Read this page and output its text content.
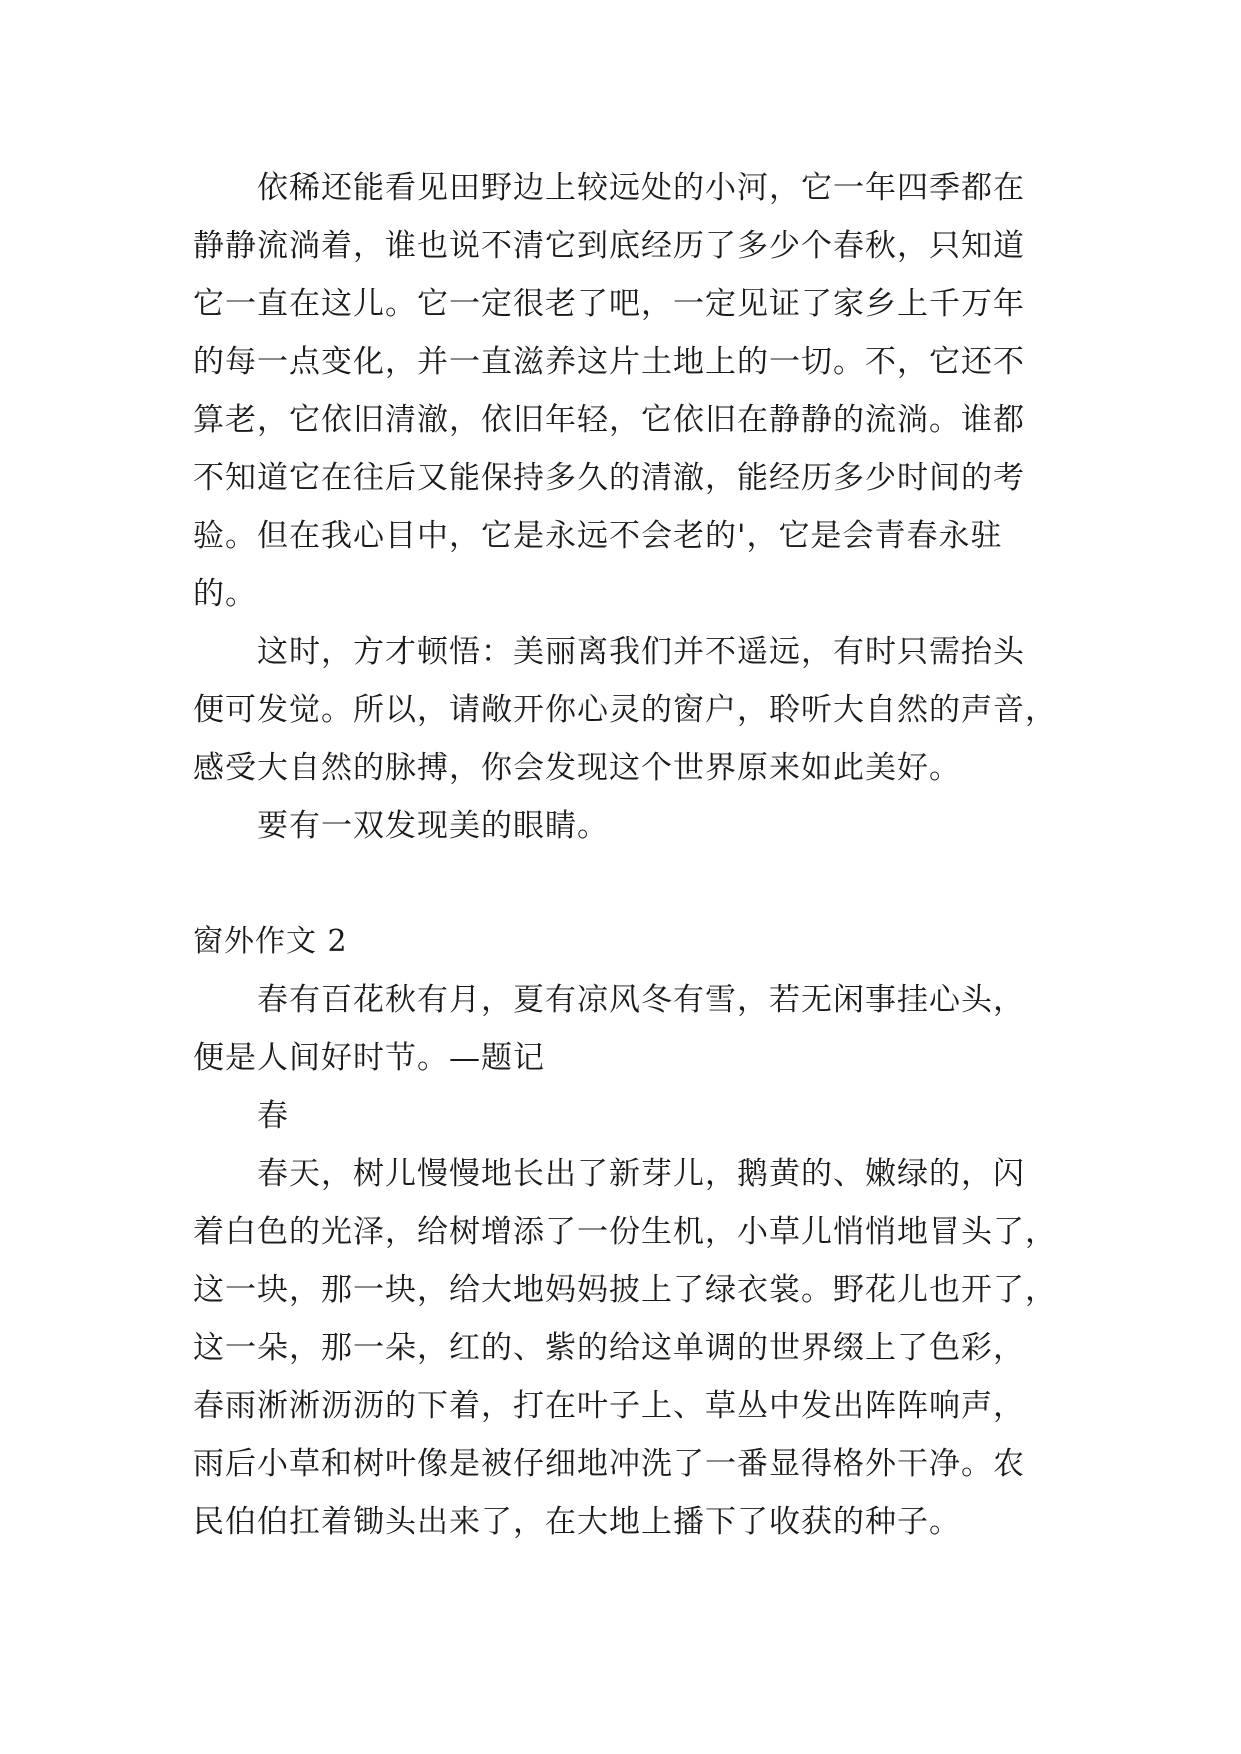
依稀还能看见田野边上较远处的小河，它一年四季都在
静静流淌着，谁也说不清它到底经历了多少个春秋，只知道
它一直在这儿。它一定很老了吧，一定见证了家乡上千万年
的每一点变化，并一直滋养这片土地上的一切。不，它还不
算老，它依旧清澈，依旧年轻，它依旧在静静的流淌。谁都
不知道它在往后又能保持多久的清澈，能经历多少时间的考
验。但在我心目中，它是永远不会老的'，它是会青春永驻
的。
这时，方才顿悟：美丽离我们并不遥远，有时只需抬头
便可发觉。所以，请敞开你心灵的窗户，聆听大自然的声音，
感受大自然的脉搏，你会发现这个世界原来如此美好。
要有一双发现美的眼睛。
窗外作文 2
春有百花秋有月，夏有凉风冬有雪，若无闲事挂心头，
便是人间好时节。—题记
春
春天，树儿慢慢地长出了新芽儿，鹅黄的、嫩绿的，闪
着白色的光泽，给树增添了一份生机，小草儿悄悄地冒头了，
这一块，那一块，给大地妈妈披上了绿衣裳。野花儿也开了，
这一朵，那一朵，红的、紫的给这单调的世界缀上了色彩，
春雨淅淅沥沥的下着，打在叶子上、草丛中发出阵阵响声，
雨后小草和树叶像是被仔细地冲洗了一番显得格外干净。农
民伯伯扛着锄头出来了，在大地上播下了收获的种子。
